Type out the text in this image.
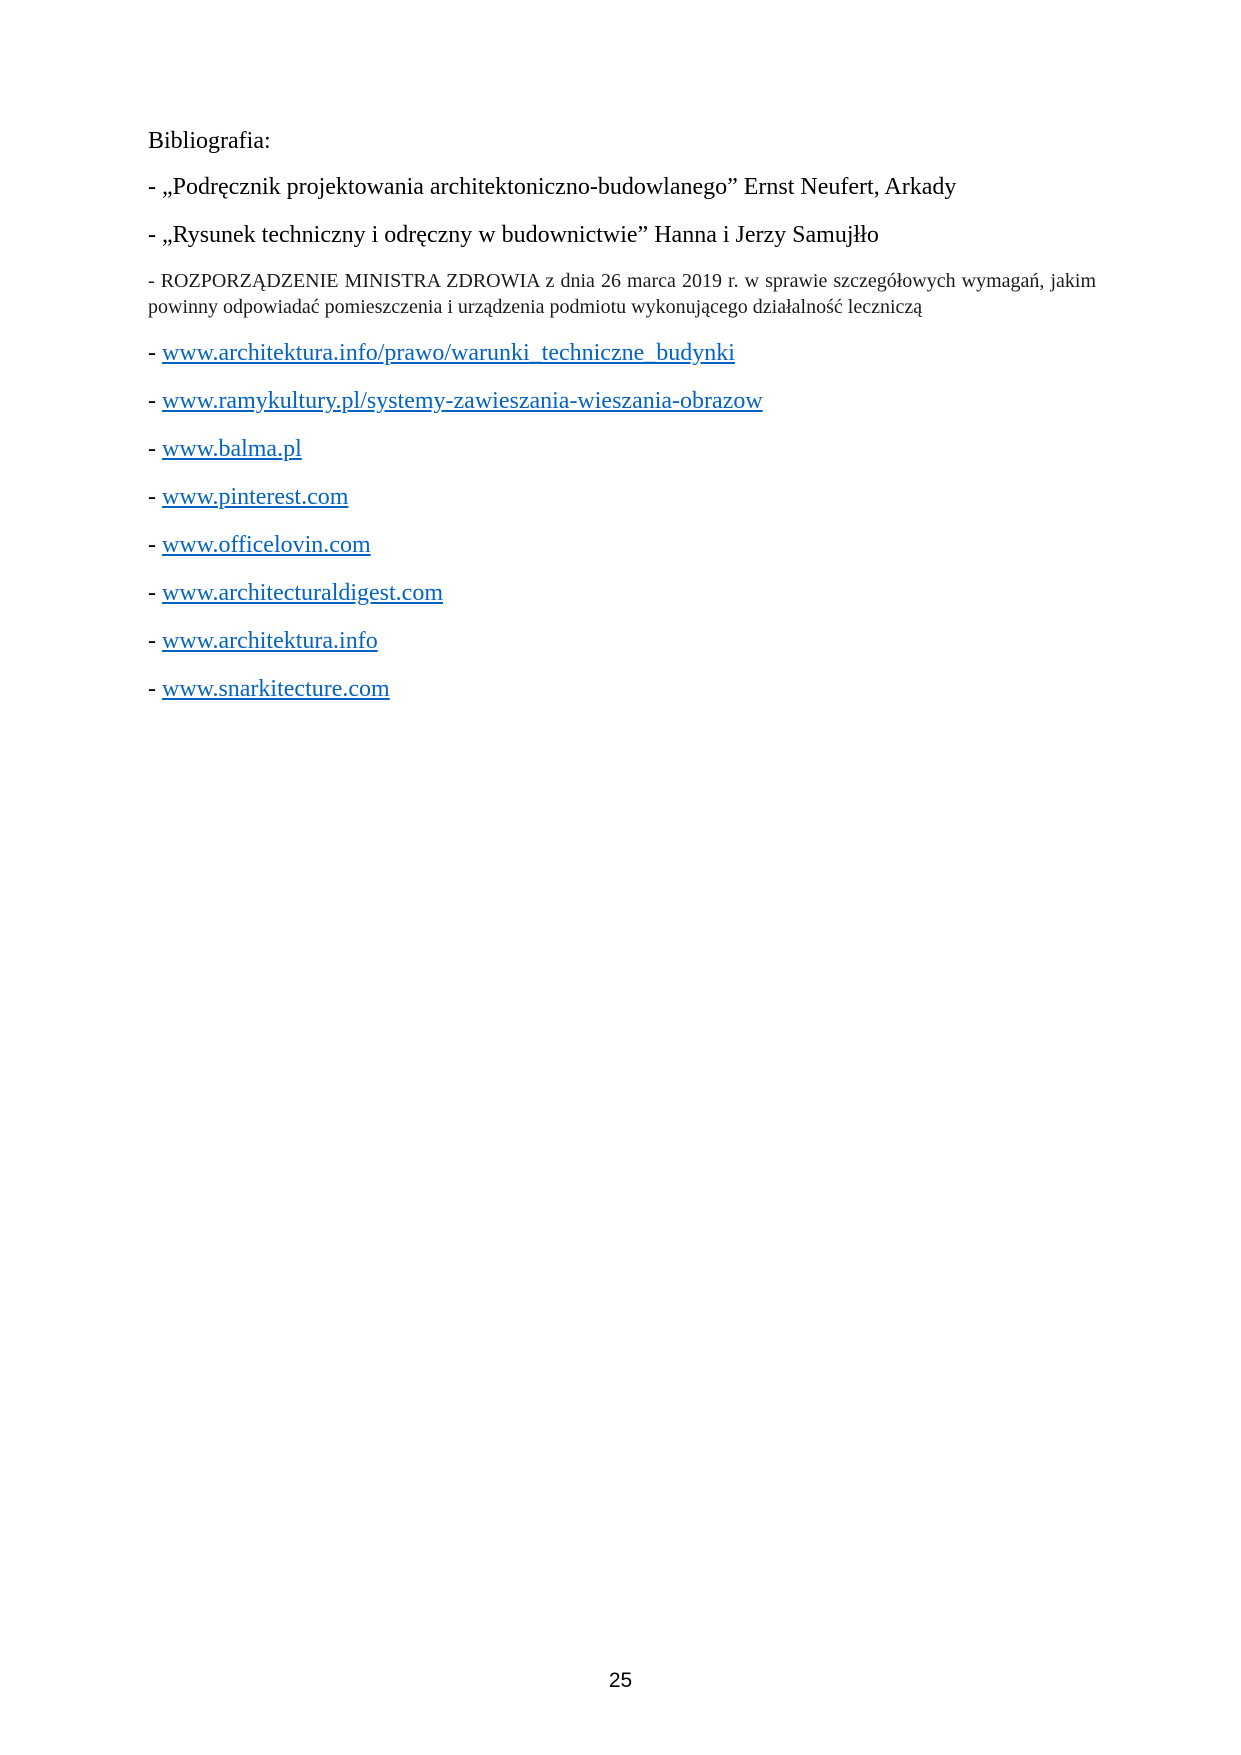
Bibliografia:
- „Podręcznik projektowania architektoniczno-budowlanego” Ernst Neufert, Arkady
- „Rysunek techniczny i odręczny w budownictwie” Hanna i Jerzy Samujłło
- ROZPORZĄDZENIE MINISTRA ZDROWIA z dnia 26 marca 2019 r. w sprawie szczegółowych wymagań, jakim powinny odpowiadać pomieszczenia i urządzenia podmiotu wykonującego działalność leczniczą
- www.architektura.info/prawo/warunki_techniczne_budynki
- www.ramykultury.pl/systemy-zawieszania-wieszania-obrazow
- www.balma.pl
- www.pinterest.com
- www.officelovin.com
- www.architecturaldigest.com
- www.architektura.info
- www.snarkitecture.com
25
